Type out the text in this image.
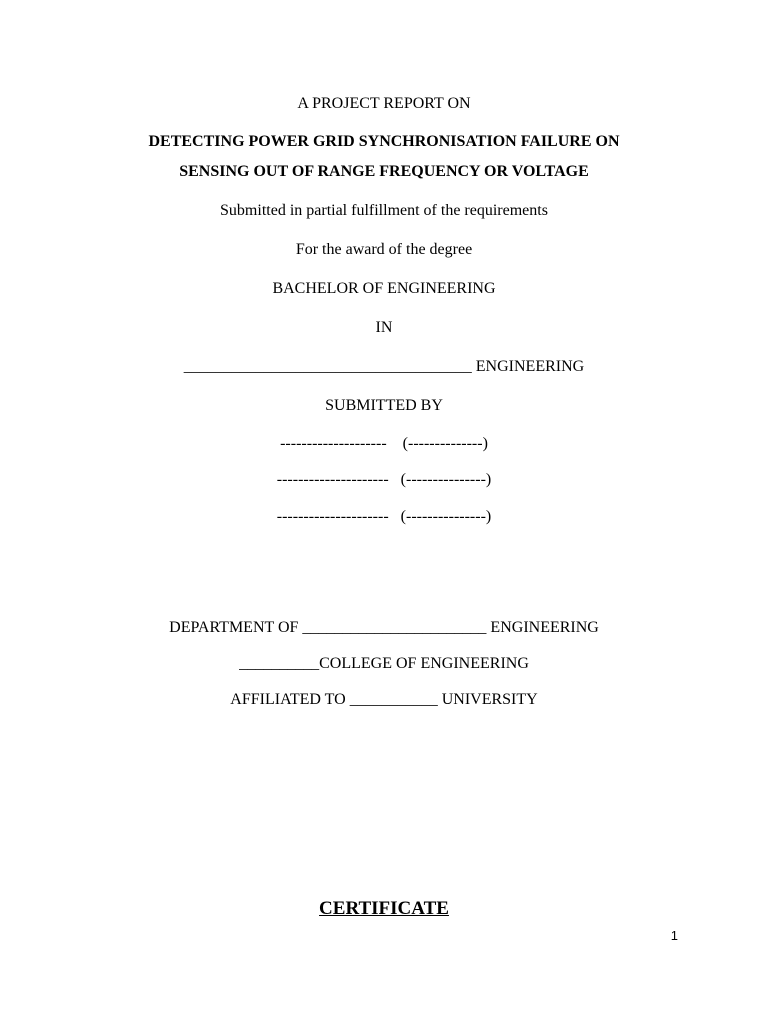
A PROJECT REPORT ON
DETECTING POWER GRID SYNCHRONISATION FAILURE ON
SENSING OUT OF RANGE FREQUENCY OR VOLTAGE
Submitted in partial fulfillment of the requirements
For the award of the degree
BACHELOR OF ENGINEERING
IN
____________________________________ ENGINEERING
SUBMITTED BY
--------------------    (--------------)
---------------------   (---------------)
---------------------   (---------------)
DEPARTMENT OF _______________________ ENGINEERING
__________COLLEGE OF ENGINEERING
AFFILIATED TO ___________ UNIVERSITY
CERTIFICATE
1
